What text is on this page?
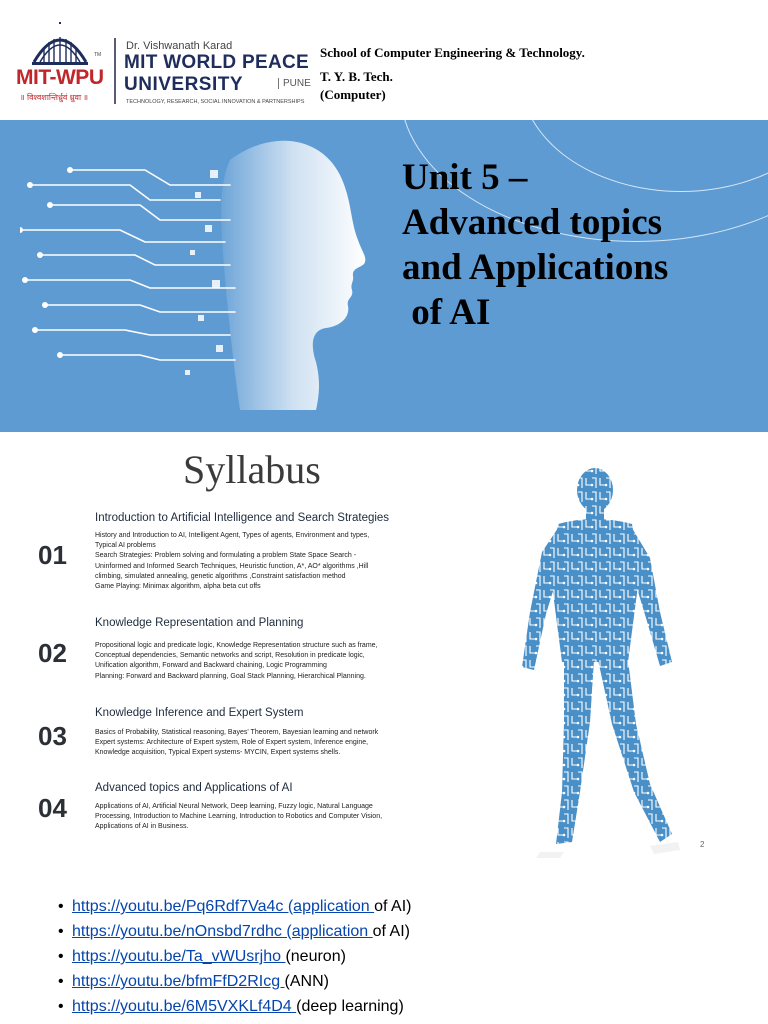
TM
MIT-WPU
॥ विश्वशान्तिर्ध्रुवं ध्रुवा ॥
Dr. Vishwanath Karad
MIT WORLD PEACE
UNIVERSITY	PUNE
TECHNOLOGY, RESEARCH, SOCIAL INNOVATION & PARTNERSHIPS
School of Computer Engineering & Technology.
T. Y. B. Tech.
(Computer)
Unit 5 –
Advanced topics
and Applications
of AI
Syllabus
01
Introduction to Artificial Intelligence and Search Strategies
History and Introduction to AI, Intelligent Agent, Types of agents, Environment and types,
Typical AI problems
Search Strategies: Problem solving and formulating a problem State Space Search -
Uninformed and Informed Search Techniques, Heuristic function, A*, AO* algorithms ,Hill
climbing, simulated annealing, genetic algorithms ,Constraint satisfaction method
Game Playing: Minimax algorithm, alpha beta cut offs
02
Knowledge Representation and Planning
Propositional logic and predicate logic, Knowledge Representation structure such as frame,
Conceptual dependencies, Semantic networks and script, Resolution in predicate logic,
Unification algorithm, Forward and Backward chaining, Logic Programming
Planning: Forward and Backward planning, Goal Stack Planning, Hierarchical Planning.
03
Knowledge Inference and Expert System
Basics of Probability, Statistical reasoning, Bayes' Theorem, Bayesian learning and network
Expert systems: Architecture of Expert system, Role of Expert system, Inference engine,
Knowledge acquisition, Typical Expert systems- MYCIN, Expert systems shells.
04
Advanced topics and Applications of AI
Applications of AI, Artificial Neural Network, Deep learning, Fuzzy logic, Natural Language
Processing, Introduction to Machine Learning, Introduction to Robotics and Computer Vision,
Applications of AI in Business.
2
• https://youtu.be/Pq6Rdf7Va4c (application of AI)
• https://youtu.be/nOnsbd7rdhc (application of AI)
• https://youtu.be/Ta_vWUsrjho (neuron)
• https://youtu.be/bfmFfD2RIcg (ANN)
• https://youtu.be/6M5VXKLf4D4 (deep learning)
